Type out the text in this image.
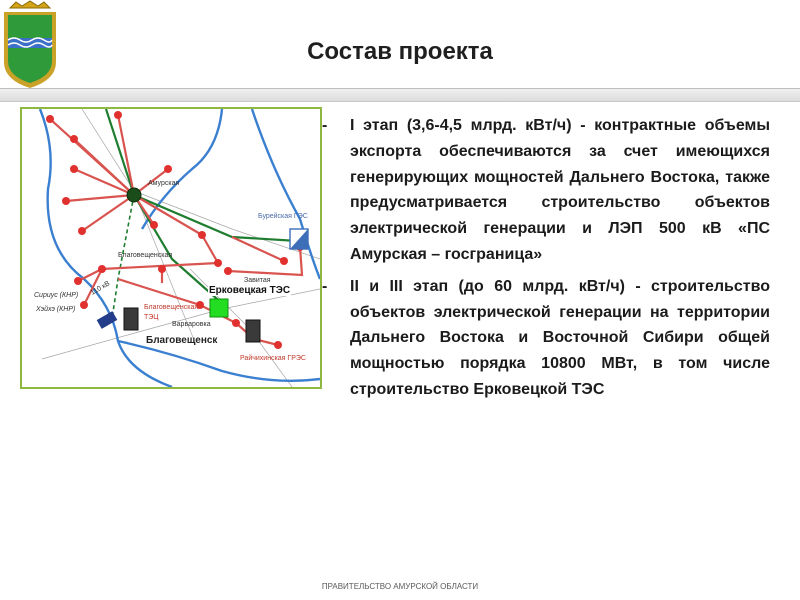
Состав проекта
Амурская
Бурейская ГЭС
Благовещенская
Завитая
Сириус (КНР)
Хэйхэ (КНР)
110 кВ
Благовещенская ТЭЦ
Варваровка
Благовещенск
Райчихинская ГРЭС
Ерковецкая ТЭС
- I этап (3,6-4,5 млрд. кВт/ч) - контрактные объемы экспорта обеспечиваются за счет имеющихся генерирующих мощностей Дальнего Востока, также предусматривается строительство объектов электрической генерации и ЛЭП 500 кВ «ПС Амурская – госграница»
- II и III этап (до 60 млрд. кВт/ч) - строительство объектов электрической генерации на территории Дальнего Востока и Восточной Сибири общей мощностью порядка 10800 МВт, в том числе строительство Ерковецкой ТЭС
ПРАВИТЕЛЬСТВО АМУРСКОЙ ОБЛАСТИ
